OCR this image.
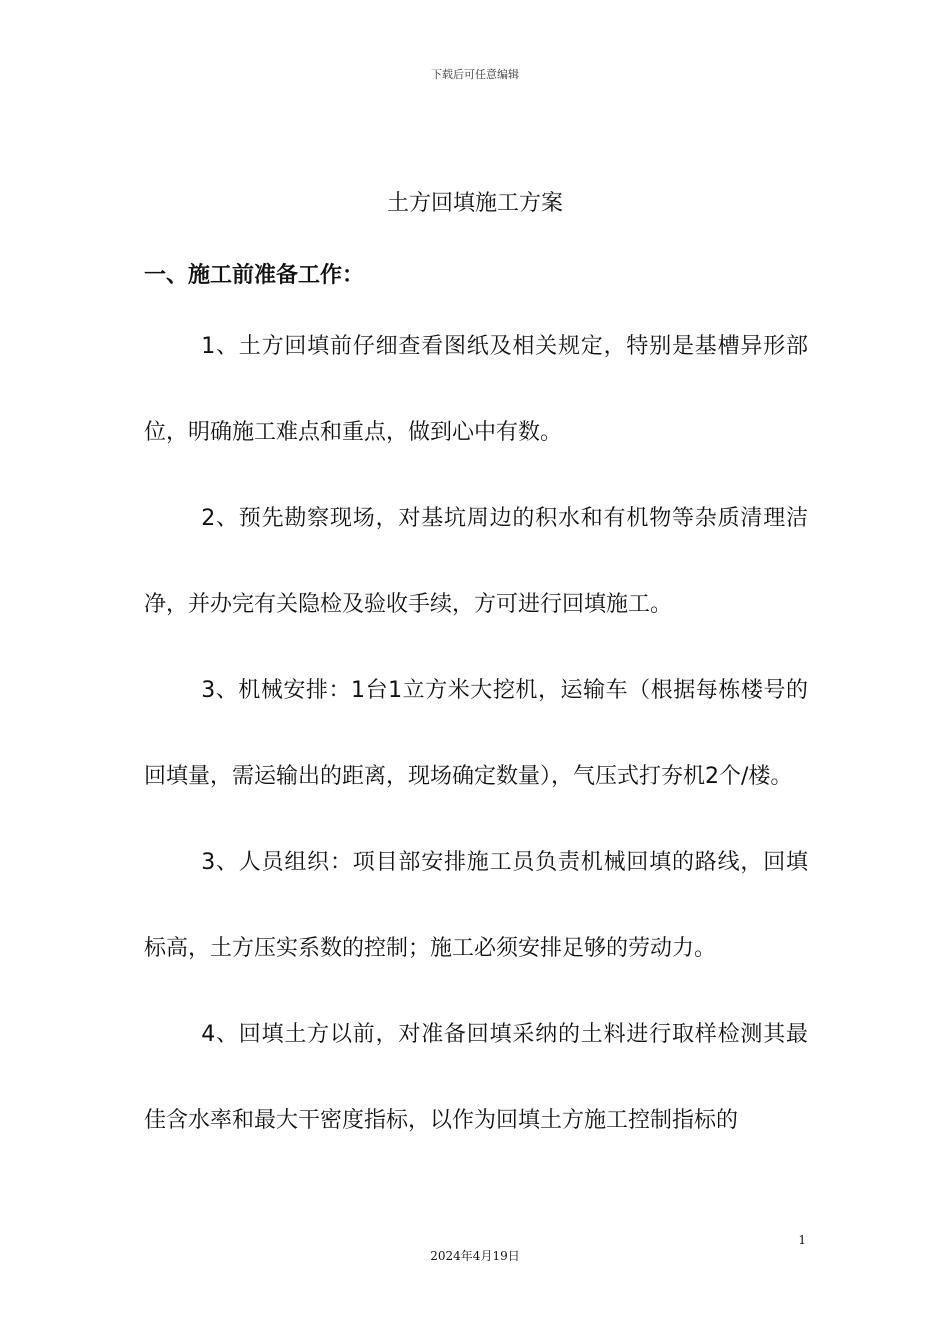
下载后可任意编辑
土方回填施工方案
一、施工前准备工作：

1、土方回填前仔细查看图纸及相关规定，特别是基槽异形部位，明确施工难点和重点，做到心中有数。

2、预先勘察现场，对基坑周边的积水和有机物等杂质清理洁净，并办完有关隐检及验收手续，方可进行回填施工。

3、机械安排：1台1立方米大挖机，运输车（根据每栋楼号的回填量，需运输出的距离，现场确定数量），气压式打夯机2个/楼。

3、人员组织：项目部安排施工员负责机械回填的路线，回填标高，土方压实系数的控制；施工必须安排足够的劳动力。

4、回填土方以前，对准备回填采纳的土料进行取样检测其最佳含水率和最大干密度指标，以作为回填土方施工控制指标的

1
2024年4月19日
